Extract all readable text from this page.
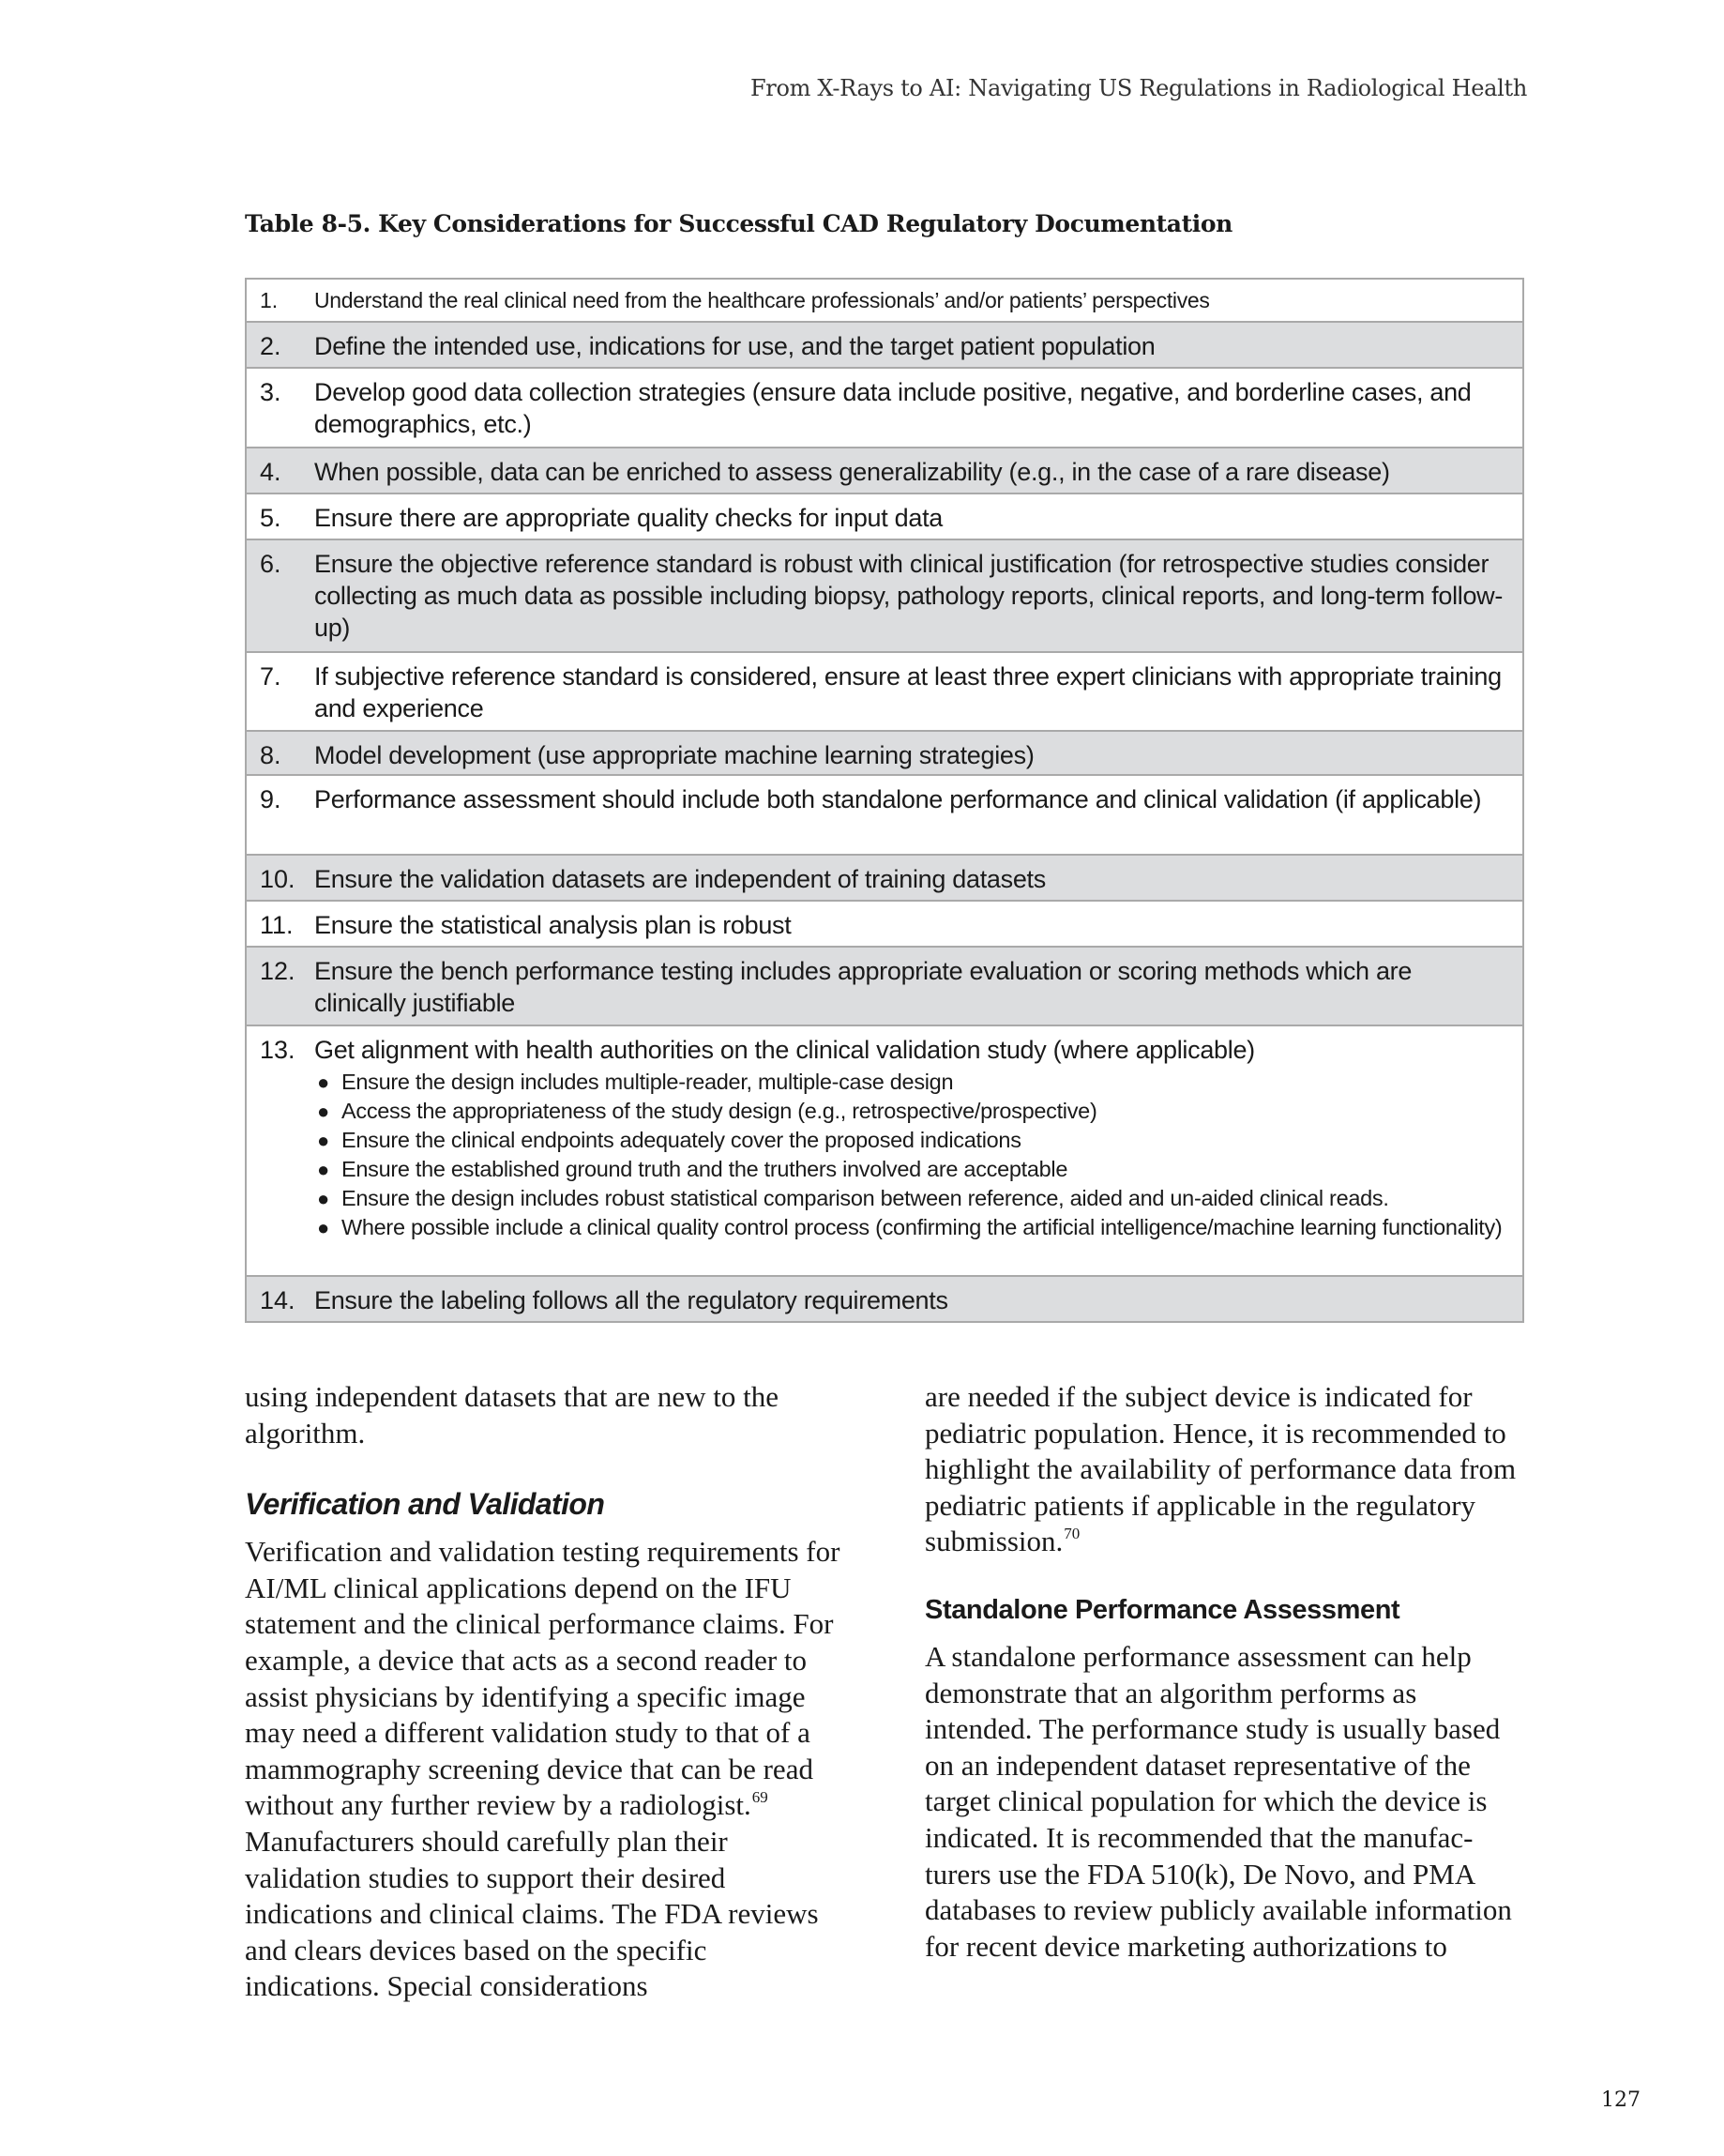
From X-Rays to AI: Navigating US Regulations in Radiological Health
Table 8-5. Key Considerations for Successful CAD Regulatory Documentation
1.	Understand the real clinical need from the healthcare professionals’ and/or patients’ perspectives
2.	Define the intended use, indications for use, and the target patient population
3.	Develop good data collection strategies (ensure data include positive, negative, and borderline cases, and demographics, etc.)
4.	When possible, data can be enriched to assess generalizability (e.g., in the case of a rare disease)
5.	Ensure there are appropriate quality checks for input data
6.	Ensure the objective reference standard is robust with clinical justification (for retrospective studies consider collecting as much data as possible including biopsy, pathology reports, clinical reports, and long-term follow-up)
7.	If subjective reference standard is considered, ensure at least three expert clinicians with appropriate training and experience
8.	Model development (use appropriate machine learning strategies)
9.	Performance assessment should include both standalone performance and clinical validation (if applicable)
10. Ensure the validation datasets are independent of training datasets
11. Ensure the statistical analysis plan is robust
12. Ensure the bench performance testing includes appropriate evaluation or scoring methods which are clinically justifiable
13. Get alignment with health authorities on the clinical validation study (where applicable)
● Ensure the design includes multiple-reader, multiple-case design
● Access the appropriateness of the study design (e.g., retrospective/prospective)
● Ensure the clinical endpoints adequately cover the proposed indications
● Ensure the established ground truth and the truthers involved are acceptable
● Ensure the design includes robust statistical comparison between reference, aided and un-aided clinical reads.
● Where possible include a clinical quality control process (confirming the artificial intelligence/machine learning functionality)
14. Ensure the labeling follows all the regulatory requirements

using independent datasets that are new to the algorithm.

Verification and Validation

Verification and validation testing requirements for AI/ML clinical applications depend on the IFU statement and the clinical performance claims. For example, a device that acts as a second reader to assist physicians by identifying a specific image may need a different validation study to that of a mammography screening device that can be read without any further review by a radiologist.$^{69}$ Manufacturers should carefully plan their validation studies to support their desired indications and clinical claims. The FDA reviews and clears devices based on the specific indications. Special considerations

are needed if the subject device is indicated for pediatric population. Hence, it is recommended to highlight the availability of performance data from pediatric patients if applicable in the regulatory submission.$^{70}$

Standalone Performance Assessment

A standalone performance assessment can help demonstrate that an algorithm performs as intended. The performance study is usually based on an independent dataset representative of the target clinical population for which the device is indicated. It is recommended that the manufacturers use the FDA 510(k), De Novo, and PMA databases to review publicly available information for recent device marketing authorizations to

127
